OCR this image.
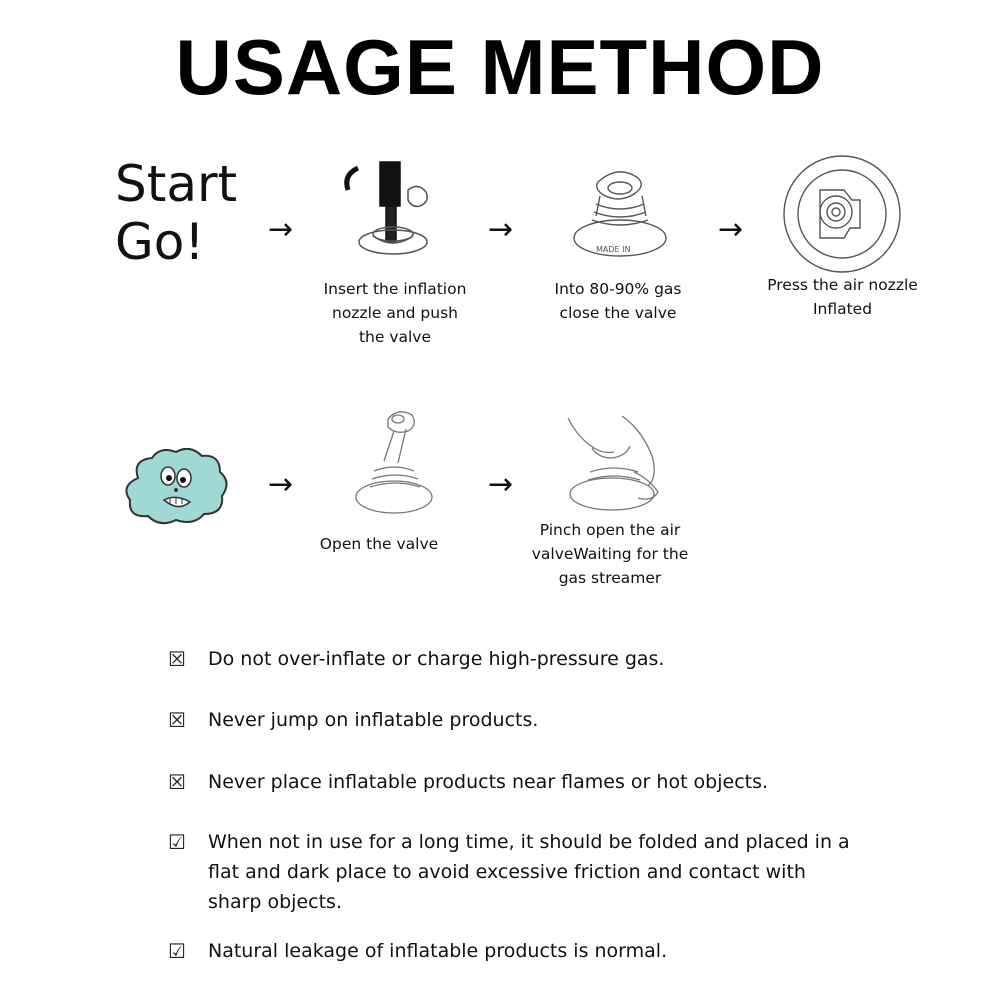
USAGE METHOD
Start
Go!	→	→	→
MADE IN
Insert the inflation
nozzle and push
the valve
Into 80-90% gas
close the valve
Press the air nozzle
Inflated
→	→
Open the valve
Pinch open the air
valveWaiting for the
gas streamer
☒	Do not over-inflate or charge high-pressure gas.
☒	Never jump on inflatable products.
☒	Never place inflatable products near flames or hot objects.
☑	When not in use for a long time, it should be folded and placed in a flat and dark place to avoid excessive friction and contact with sharp objects.
☑	Natural leakage of inflatable products is normal.
